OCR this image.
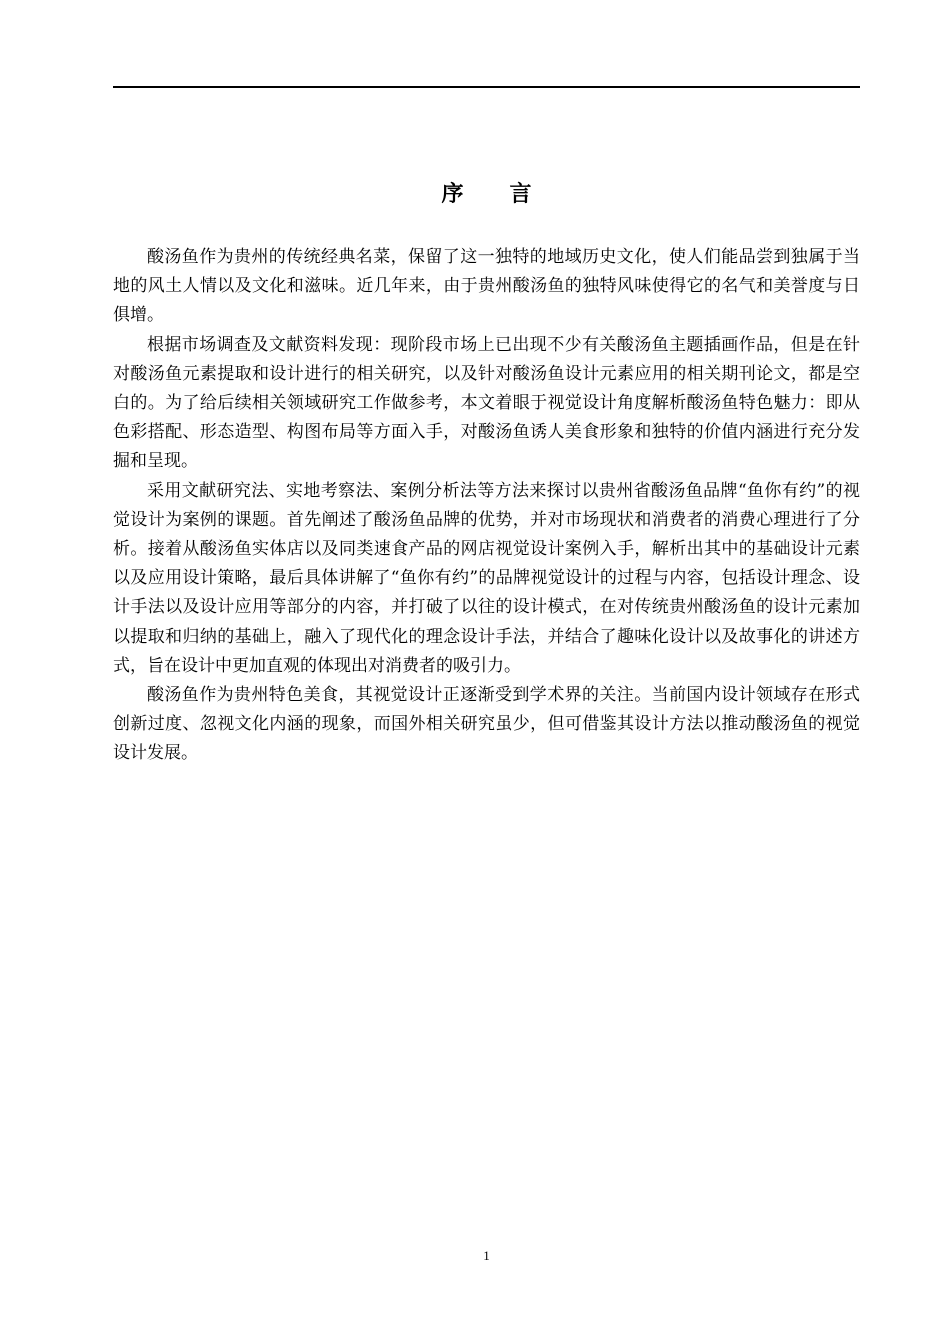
序 言

酸汤鱼作为贵州的传统经典名菜，保留了这一独特的地域历史文化，使人们能品尝到独属于当地的风土人情以及文化和滋味。近几年来，由于贵州酸汤鱼的独特风味使得它的名气和美誉度与日俱增。

根据市场调查及文献资料发现：现阶段市场上已出现不少有关酸汤鱼主题插画作品，但是在针对酸汤鱼元素提取和设计进行的相关研究，以及针对酸汤鱼设计元素应用的相关期刊论文，都是空白的。为了给后续相关领域研究工作做参考，本文着眼于视觉设计角度解析酸汤鱼特色魅力：即从色彩搭配、形态造型、构图布局等方面入手，对酸汤鱼诱人美食形象和独特的价值内涵进行充分发掘和呈现。

采用文献研究法、实地考察法、案例分析法等方法来探讨以贵州省酸汤鱼品牌“鱼你有约”的视觉设计为案例的课题。首先阐述了酸汤鱼品牌的优势，并对市场现状和消费者的消费心理进行了分析。接着从酸汤鱼实体店以及同类速食产品的网店视觉设计案例入手，解析出其中的基础设计元素以及应用设计策略，最后具体讲解了“鱼你有约”的品牌视觉设计的过程与内容，包括设计理念、设计手法以及设计应用等部分的内容，并打破了以往的设计模式，在对传统贵州酸汤鱼的设计元素加以提取和归纳的基础上，融入了现代化的理念设计手法，并结合了趣味化设计以及故事化的讲述方式，旨在设计中更加直观的体现出对消费者的吸引力。

酸汤鱼作为贵州特色美食，其视觉设计正逐渐受到学术界的关注。当前国内设计领域存在形式创新过度、忽视文化内涵的现象，而国外相关研究虽少，但可借鉴其设计方法以推动酸汤鱼的视觉设计发展。

1
